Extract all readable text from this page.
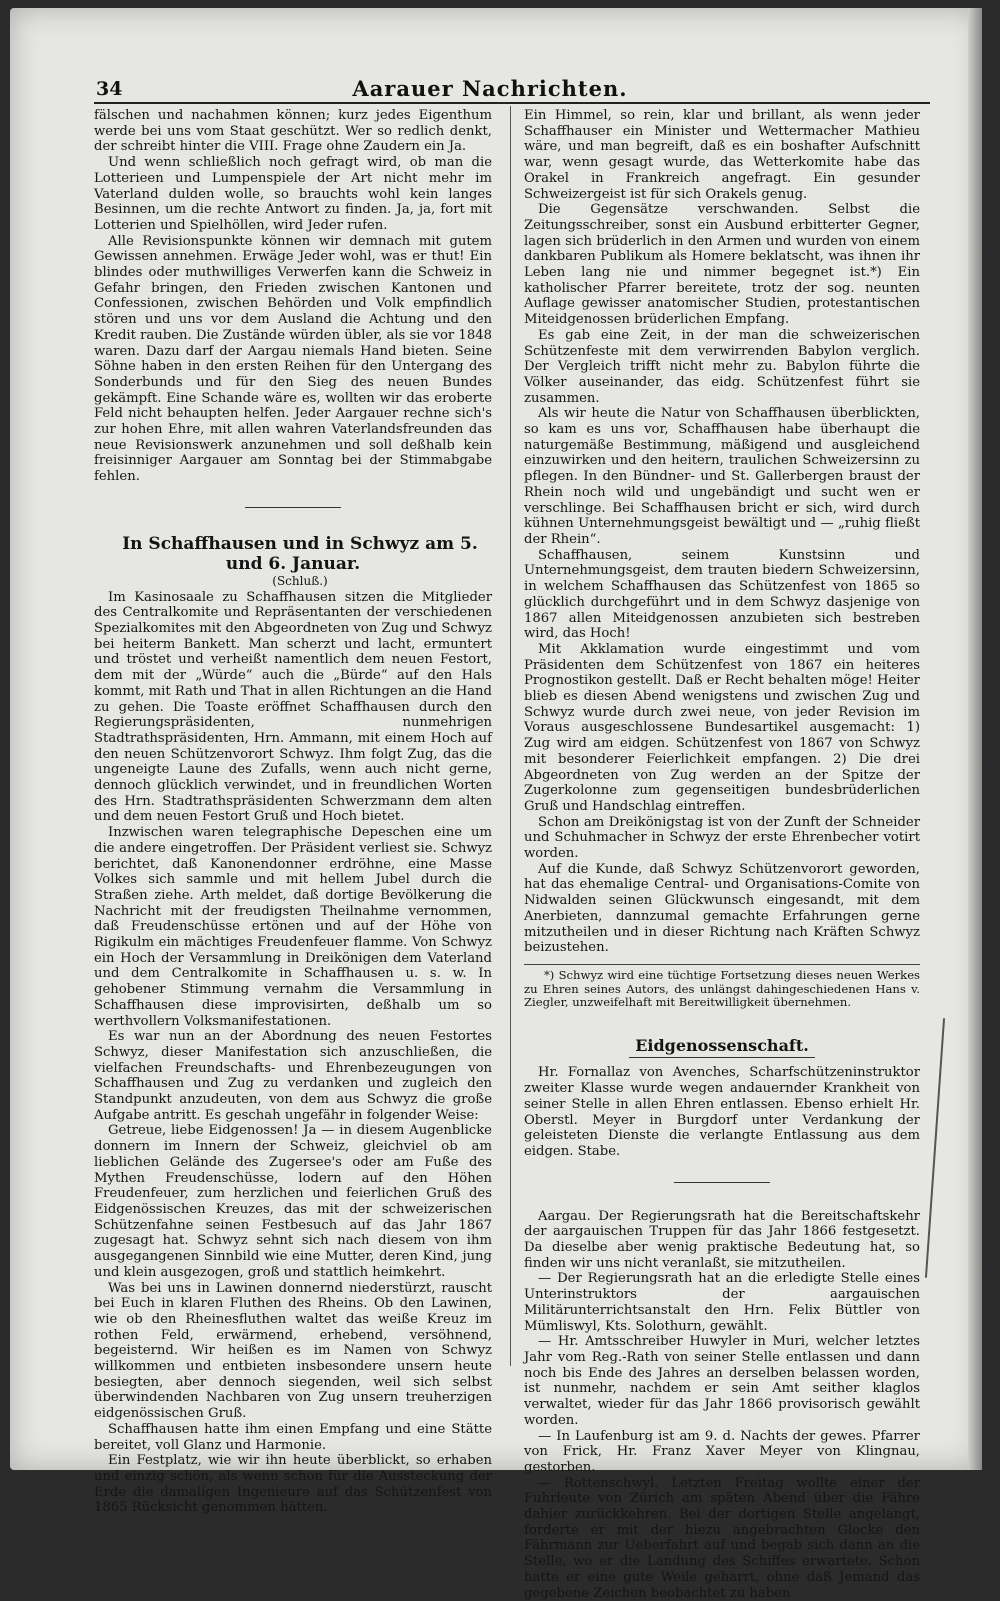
34	Aarauer Nachrichten.

fälschen und nachahmen können; kurz jedes Eigenthum werde bei uns vom Staat geschützt. Wer so redlich denkt, der schreibt hinter die VIII. Frage ohne Zaudern ein Ja.

Und wenn schließlich noch gefragt wird, ob man die Lotterieen und Lumpenspiele der Art nicht mehr im Vaterland dulden wolle, so brauchts wohl kein langes Besinnen, um die rechte Antwort zu finden. Ja, ja, fort mit Lotterien und Spielhöllen, wird Jeder rufen.

Alle Revisionspunkte können wir demnach mit gutem Gewissen annehmen. Erwäge Jeder wohl, was er thut! Ein blindes oder muthwilliges Verwerfen kann die Schweiz in Gefahr bringen, den Frieden zwischen Kantonen und Confessionen, zwischen Behörden und Volk empfindlich stören und uns vor dem Ausland die Achtung und den Kredit rauben. Die Zustände würden übler, als sie vor 1848 waren. Dazu darf der Aargau niemals Hand bieten. Seine Söhne haben in den ersten Reihen für den Untergang des Sonderbunds und für den Sieg des neuen Bundes gekämpft. Eine Schande wäre es, wollten wir das eroberte Feld nicht behaupten helfen. Jeder Aargauer rechne sich's zur hohen Ehre, mit allen wahren Vaterlandsfreunden das neue Revisionswerk anzunehmen und soll deßhalb kein freisinniger Aargauer am Sonntag bei der Stimmabgabe fehlen.

In Schaffhausen und in Schwyz am 5. und 6. Januar.

(Schluß.)

Im Kasinosaale zu Schaffhausen sitzen die Mitglieder des Centralkomite und Repräsentanten der verschiedenen Spezialkomites mit den Abgeordneten von Zug und Schwyz bei heiterm Bankett. Man scherzt und lacht, ermuntert und tröstet und verheißt namentlich dem neuen Festort, dem mit der „Würde“ auch die „Bürde“ auf den Hals kommt, mit Rath und That in allen Richtungen an die Hand zu gehen. Die Toaste eröffnet Schaffhausen durch den Regierungspräsidenten, nunmehrigen Stadtrathspräsidenten, Hrn. Ammann, mit einem Hoch auf den neuen Schützenvorort Schwyz. Ihm folgt Zug, das die ungeneigte Laune des Zufalls, wenn auch nicht gerne, dennoch glücklich verwindet, und in freundlichen Worten des Hrn. Stadtrathspräsidenten Schwerzmann dem alten und dem neuen Festort Gruß und Hoch bietet.

Inzwischen waren telegraphische Depeschen eine um die andere eingetroffen. Der Präsident verliest sie. Schwyz berichtet, daß Kanonendonner erdröhne, eine Masse Volkes sich sammle und mit hellem Jubel durch die Straßen ziehe. Arth meldet, daß dortige Bevölkerung die Nachricht mit der freudigsten Theilnahme vernommen, daß Freudenschüsse ertönen und auf der Höhe von Rigikulm ein mächtiges Freudenfeuer flamme. Von Schwyz ein Hoch der Versammlung in Dreikönigen dem Vaterland und dem Centralkomite in Schaffhausen u. s. w. In gehobener Stimmung vernahm die Versammlung in Schaffhausen diese improvisirten, deßhalb um so werthvollern Volksmanifestationen.

Es war nun an der Abordnung des neuen Festortes Schwyz, dieser Manifestation sich anzuschließen, die vielfachen Freundschafts- und Ehrenbezeugungen von Schaffhausen und Zug zu verdanken und zugleich den Standpunkt anzudeuten, von dem aus Schwyz die große Aufgabe antritt. Es geschah ungefähr in folgender Weise:

Getreue, liebe Eidgenossen! Ja — in diesem Augenblicke donnern im Innern der Schweiz, gleichviel ob am lieblichen Gelände des Zugersee's oder am Fuße des Mythen Freudenschüsse, lodern auf den Höhen Freudenfeuer, zum herzlichen und feierlichen Gruß des Eidgenössischen Kreuzes, das mit der schweizerischen Schützenfahne seinen Festbesuch auf das Jahr 1867 zugesagt hat. Schwyz sehnt sich nach diesem von ihm ausgegangenen Sinnbild wie eine Mutter, deren Kind, jung und klein ausgezogen, groß und stattlich heimkehrt.

Was bei uns in Lawinen donnernd niederstürzt, rauscht bei Euch in klaren Fluthen des Rheins. Ob den Lawinen, wie ob den Rheinesfluthen waltet das weiße Kreuz im rothen Feld, erwärmend, erhebend, versöhnend, begeisternd. Wir heißen es im Namen von Schwyz willkommen und entbieten insbesondere unsern heute besiegten, aber dennoch siegenden, weil sich selbst überwindenden Nachbaren von Zug unsern treuherzigen eidgenössischen Gruß.

Schaffhausen hatte ihm einen Empfang und eine Stätte bereitet, voll Glanz und Harmonie.

Ein Festplatz, wie wir ihn heute überblickt, so erhaben und einzig schön, als wenn schon für die Aussteckung der Erde die damaligen Ingenieure auf das Schützenfest von 1865 Rücksicht genommen hätten.

Ein Himmel, so rein, klar und brillant, als wenn jeder Schaffhauser ein Minister und Wettermacher Mathieu wäre, und man begreift, daß es ein boshafter Aufschnitt war, wenn gesagt wurde, das Wetterkomite habe das Orakel in Frankreich angefragt. Ein gesunder Schweizergeist ist für sich Orakels genug.

Die Gegensätze verschwanden. Selbst die Zeitungsschreiber, sonst ein Ausbund erbitterter Gegner, lagen sich brüderlich in den Armen und wurden von einem dankbaren Publikum als Homere beklatscht, was ihnen ihr Leben lang nie und nimmer begegnet ist.*) Ein katholischer Pfarrer bereitete, trotz der sog. neunten Auflage gewisser anatomischer Studien, protestantischen Miteidgenossen brüderlichen Empfang.

Es gab eine Zeit, in der man die schweizerischen Schützenfeste mit dem verwirrenden Babylon verglich. Der Vergleich trifft nicht mehr zu. Babylon führte die Völker auseinander, das eidg. Schützenfest führt sie zusammen.

Als wir heute die Natur von Schaffhausen überblickten, so kam es uns vor, Schaffhausen habe überhaupt die naturgemäße Bestimmung, mäßigend und ausgleichend einzuwirken und den heitern, traulichen Schweizersinn zu pflegen. In den Bündner- und St. Gallerbergen braust der Rhein noch wild und ungebändigt und sucht wen er verschlinge. Bei Schaffhausen bricht er sich, wird durch kühnen Unternehmungsgeist bewältigt und — „ruhig fließt der Rhein“.

Schaffhausen, seinem Kunstsinn und Unternehmungsgeist, dem trauten biedern Schweizersinn, in welchem Schaffhausen das Schützenfest von 1865 so glücklich durchgeführt und in dem Schwyz dasjenige von 1867 allen Miteidgenossen anzubieten sich bestreben wird, das Hoch!

Mit Akklamation wurde eingestimmt und vom Präsidenten dem Schützenfest von 1867 ein heiteres Prognostikon gestellt. Daß er Recht behalten möge! Heiter blieb es diesen Abend wenigstens und zwischen Zug und Schwyz wurde durch zwei neue, von jeder Revision im Voraus ausgeschlossene Bundesartikel ausgemacht: 1) Zug wird am eidgen. Schützenfest von 1867 von Schwyz mit besonderer Feierlichkeit empfangen. 2) Die drei Abgeordneten von Zug werden an der Spitze der Zugerkolonne zum gegenseitigen bundesbrüderlichen Gruß und Handschlag eintreffen.

Schon am Dreikönigstag ist von der Zunft der Schneider und Schuhmacher in Schwyz der erste Ehrenbecher votirt worden.

Auf die Kunde, daß Schwyz Schützenvorort geworden, hat das ehemalige Central- und Organisations-Comite von Nidwalden seinen Glückwunsch eingesandt, mit dem Anerbieten, dannzumal gemachte Erfahrungen gerne mitzutheilen und in dieser Richtung nach Kräften Schwyz beizustehen.

*) Schwyz wird eine tüchtige Fortsetzung dieses neuen Werkes zu Ehren seines Autors, des unlängst dahingeschiedenen Hans v. Ziegler, unzweifelhaft mit Bereitwilligkeit übernehmen.

Eidgenossenschaft.

Hr. Fornallaz von Avenches, Scharfschützeninstruktor zweiter Klasse wurde wegen andauernder Krankheit von seiner Stelle in allen Ehren entlassen. Ebenso erhielt Hr. Oberstl. Meyer in Burgdorf unter Verdankung der geleisteten Dienste die verlangte Entlassung aus dem eidgen. Stabe.

Aargau. Der Regierungsrath hat die Bereitschaftskehr der aargauischen Truppen für das Jahr 1866 festgesetzt. Da dieselbe aber wenig praktische Bedeutung hat, so finden wir uns nicht veranlaßt, sie mitzutheilen.

— Der Regierungsrath hat an die erledigte Stelle eines Unterinstruktors der aargauischen Militärunterrichtsanstalt den Hrn. Felix Büttler von Mümliswyl, Kts. Solothurn, gewählt.

— Hr. Amtsschreiber Huwyler in Muri, welcher letztes Jahr vom Reg.-Rath von seiner Stelle entlassen und dann noch bis Ende des Jahres an derselben belassen worden, ist nunmehr, nachdem er sein Amt seither klaglos verwaltet, wieder für das Jahr 1866 provisorisch gewählt worden.

— In Laufenburg ist am 9. d. Nachts der gewes. Pfarrer von Frick, Hr. Franz Xaver Meyer von Klingnau, gestorben.

— Rottenschwyl. Letzten Freitag wollte einer der Fuhrleute von Zürich am späten Abend über die Fähre dahier zurückkehren. Bei der dortigen Stelle angelangt, forderte er mit der hiezu angebrachten Glocke den Fährmann zur Ueberfahrt auf und begab sich dann an die Stelle, wo er die Landung des Schiffes erwartete. Schon hatte er eine gute Weile geharrt, ohne daß Jemand das gegebene Zeichen beobachtet zu haben
